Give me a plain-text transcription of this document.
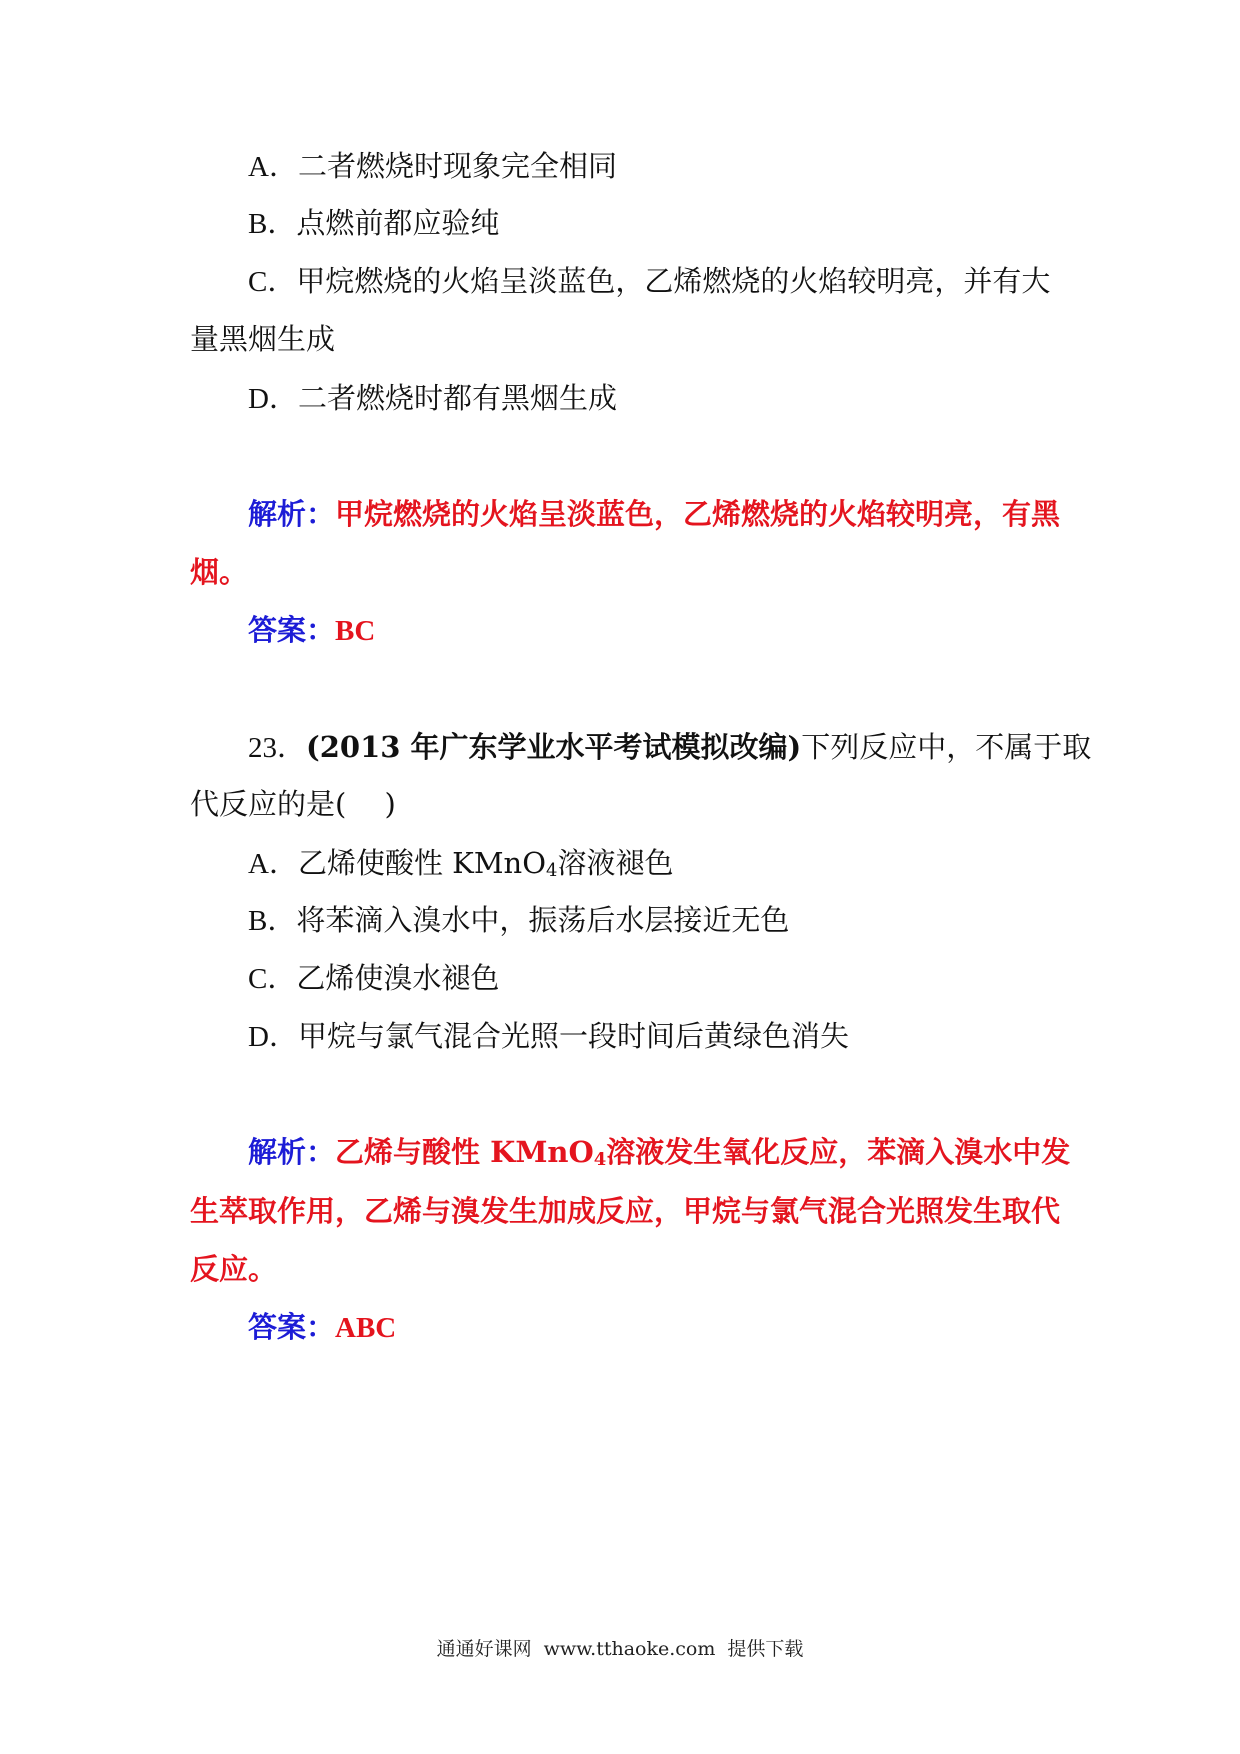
A．二者燃烧时现象完全相同
B．点燃前都应验纯
C．甲烷燃烧的火焰呈淡蓝色，乙烯燃烧的火焰较明亮，并有大
量黑烟生成
D．二者燃烧时都有黑烟生成
解析：甲烷燃烧的火焰呈淡蓝色，乙烯燃烧的火焰较明亮，有黑
烟。
答案：BC
23．(2013 年广东学业水平考试模拟改编)下列反应中，不属于取
代反应的是(　 )
A．乙烯使酸性 KMnO4溶液褪色
B．将苯滴入溴水中，振荡后水层接近无色
C．乙烯使溴水褪色
D．甲烷与氯气混合光照一段时间后黄绿色消失
解析：乙烯与酸性 KMnO4溶液发生氧化反应，苯滴入溴水中发
生萃取作用，乙烯与溴发生加成反应，甲烷与氯气混合光照发生取代
反应。
答案：ABC
通通好课网 www.tthaoke.com 提供下载
